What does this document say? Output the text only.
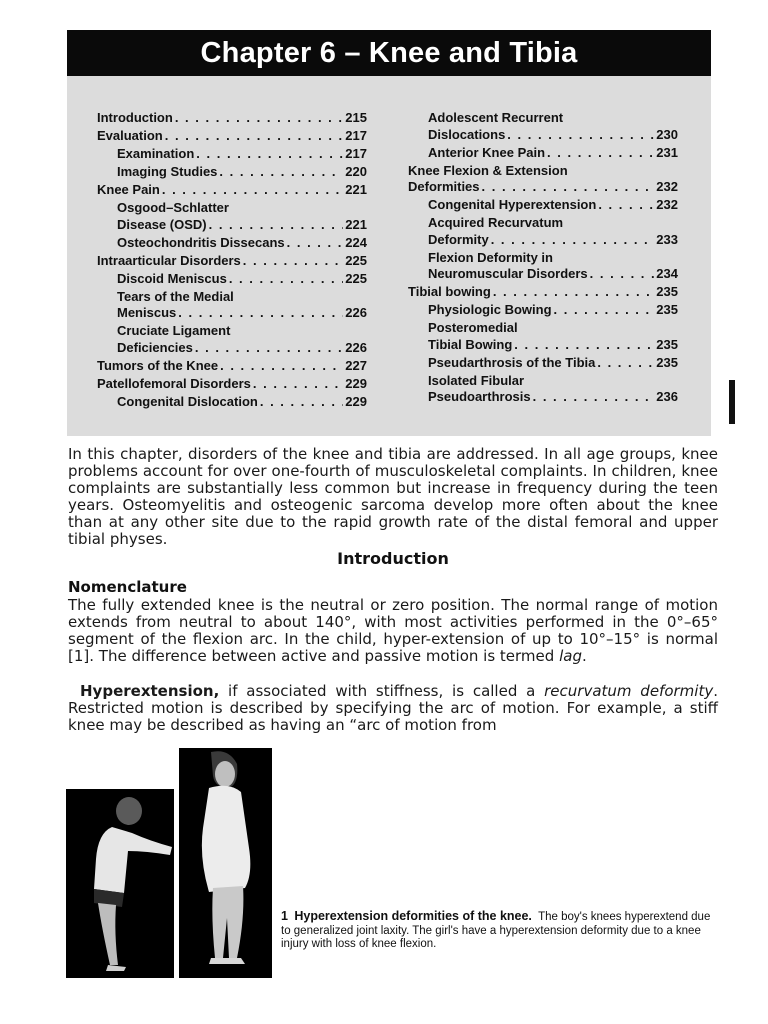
Chapter 6 – Knee and Tibia
Introduction . . .	215
Evaluation . . .	217
Examination . . .	217
Imaging Studies . . .	220
Knee Pain . . .	221
Osgood–Schlatter
Disease (OSD) . . .	221
Osteochondritis Dissecans . . .	224
Intraarticular Disorders . . .	225
Discoid Meniscus . . .	225
Tears of the Medial
Meniscus . . .	226
Cruciate Ligament
Deficiencies . . .	226
Tumors of the Knee . . .	227
Patellofemoral Disorders . . .	229
Congenital Dislocation . . .	229
Adolescent Recurrent
Dislocations . . .	230
Anterior Knee Pain . . .	231
Knee Flexion & Extension
Deformities . . .	232
Congenital Hyperextension . . .	232
Acquired Recurvatum
Deformity . . .	233
Flexion Deformity in
Neuromuscular Disorders . . .	234
Tibial bowing . . .	235
Physiologic Bowing . . .	235
Posteromedial
Tibial Bowing . . .	235
Pseudarthrosis of the Tibia . . .	235
Isolated Fibular
Pseudoarthrosis . . .	236
In this chapter, disorders of the knee and tibia are addressed. In all age groups, knee problems account for over one-fourth of musculoskeletal complaints. In children, knee complaints are substantially less common but increase in frequency during the teen years. Osteomyelitis and osteogenic sarcoma develop more often about the knee than at any other site due to the rapid growth rate of the distal femoral and upper tibial physes.
Introduction
Nomenclature
The fully extended knee is the neutral or zero position. The normal range of motion extends from neutral to about 140°, with most activities performed in the 0°–65° segment of the flexion arc. In the child, hyper-extension of up to 10°–15° is normal [1]. The difference between active and passive motion is termed lag.
Hyperextension, if associated with stiffness, is called a recurvatum deformity. Restricted motion is described by specifying the arc of motion. For example, a stiff knee may be described as having an “arc of motion from
1 Hyperextension deformities of the knee. The boy's knees hyperextend due to generalized joint laxity. The girl's have a hyperextension deformity due to a knee injury with loss of knee flexion.
